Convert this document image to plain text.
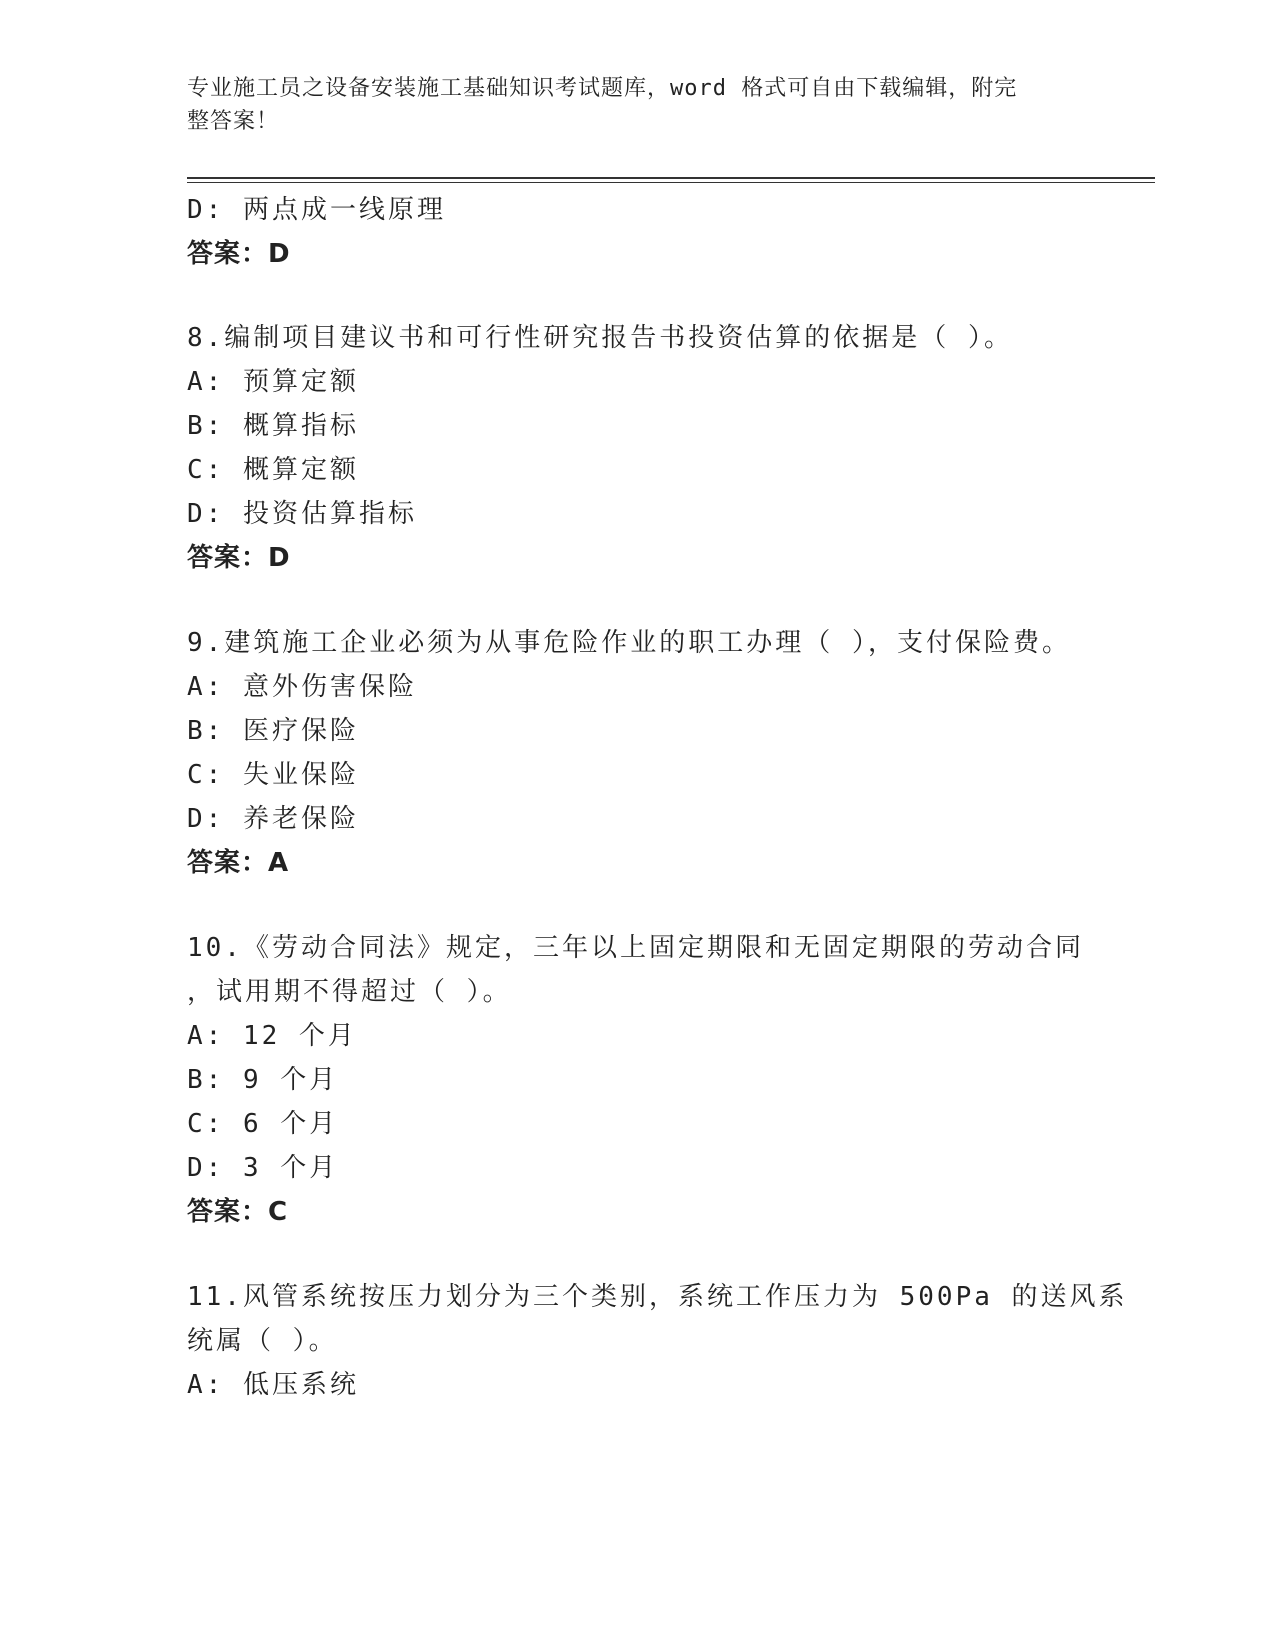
专业施工员之设备安装施工基础知识考试题库，word 格式可自由下载编辑，附完
整答案！
D: 两点成一线原理
答案：D
8.编制项目建议书和可行性研究报告书投资估算的依据是（ ）。
A: 预算定额
B: 概算指标
C: 概算定额
D: 投资估算指标
答案：D
9.建筑施工企业必须为从事危险作业的职工办理（ ），支付保险费。
A: 意外伤害保险
B: 医疗保险
C: 失业保险
D: 养老保险
答案：A
10.《劳动合同法》规定，三年以上固定期限和无固定期限的劳动合同
，试用期不得超过（ ）。
A: 12 个月
B: 9 个月
C: 6 个月
D: 3 个月
答案：C
11.风管系统按压力划分为三个类别，系统工作压力为 500Pa 的送风系
统属（ ）。
A: 低压系统
